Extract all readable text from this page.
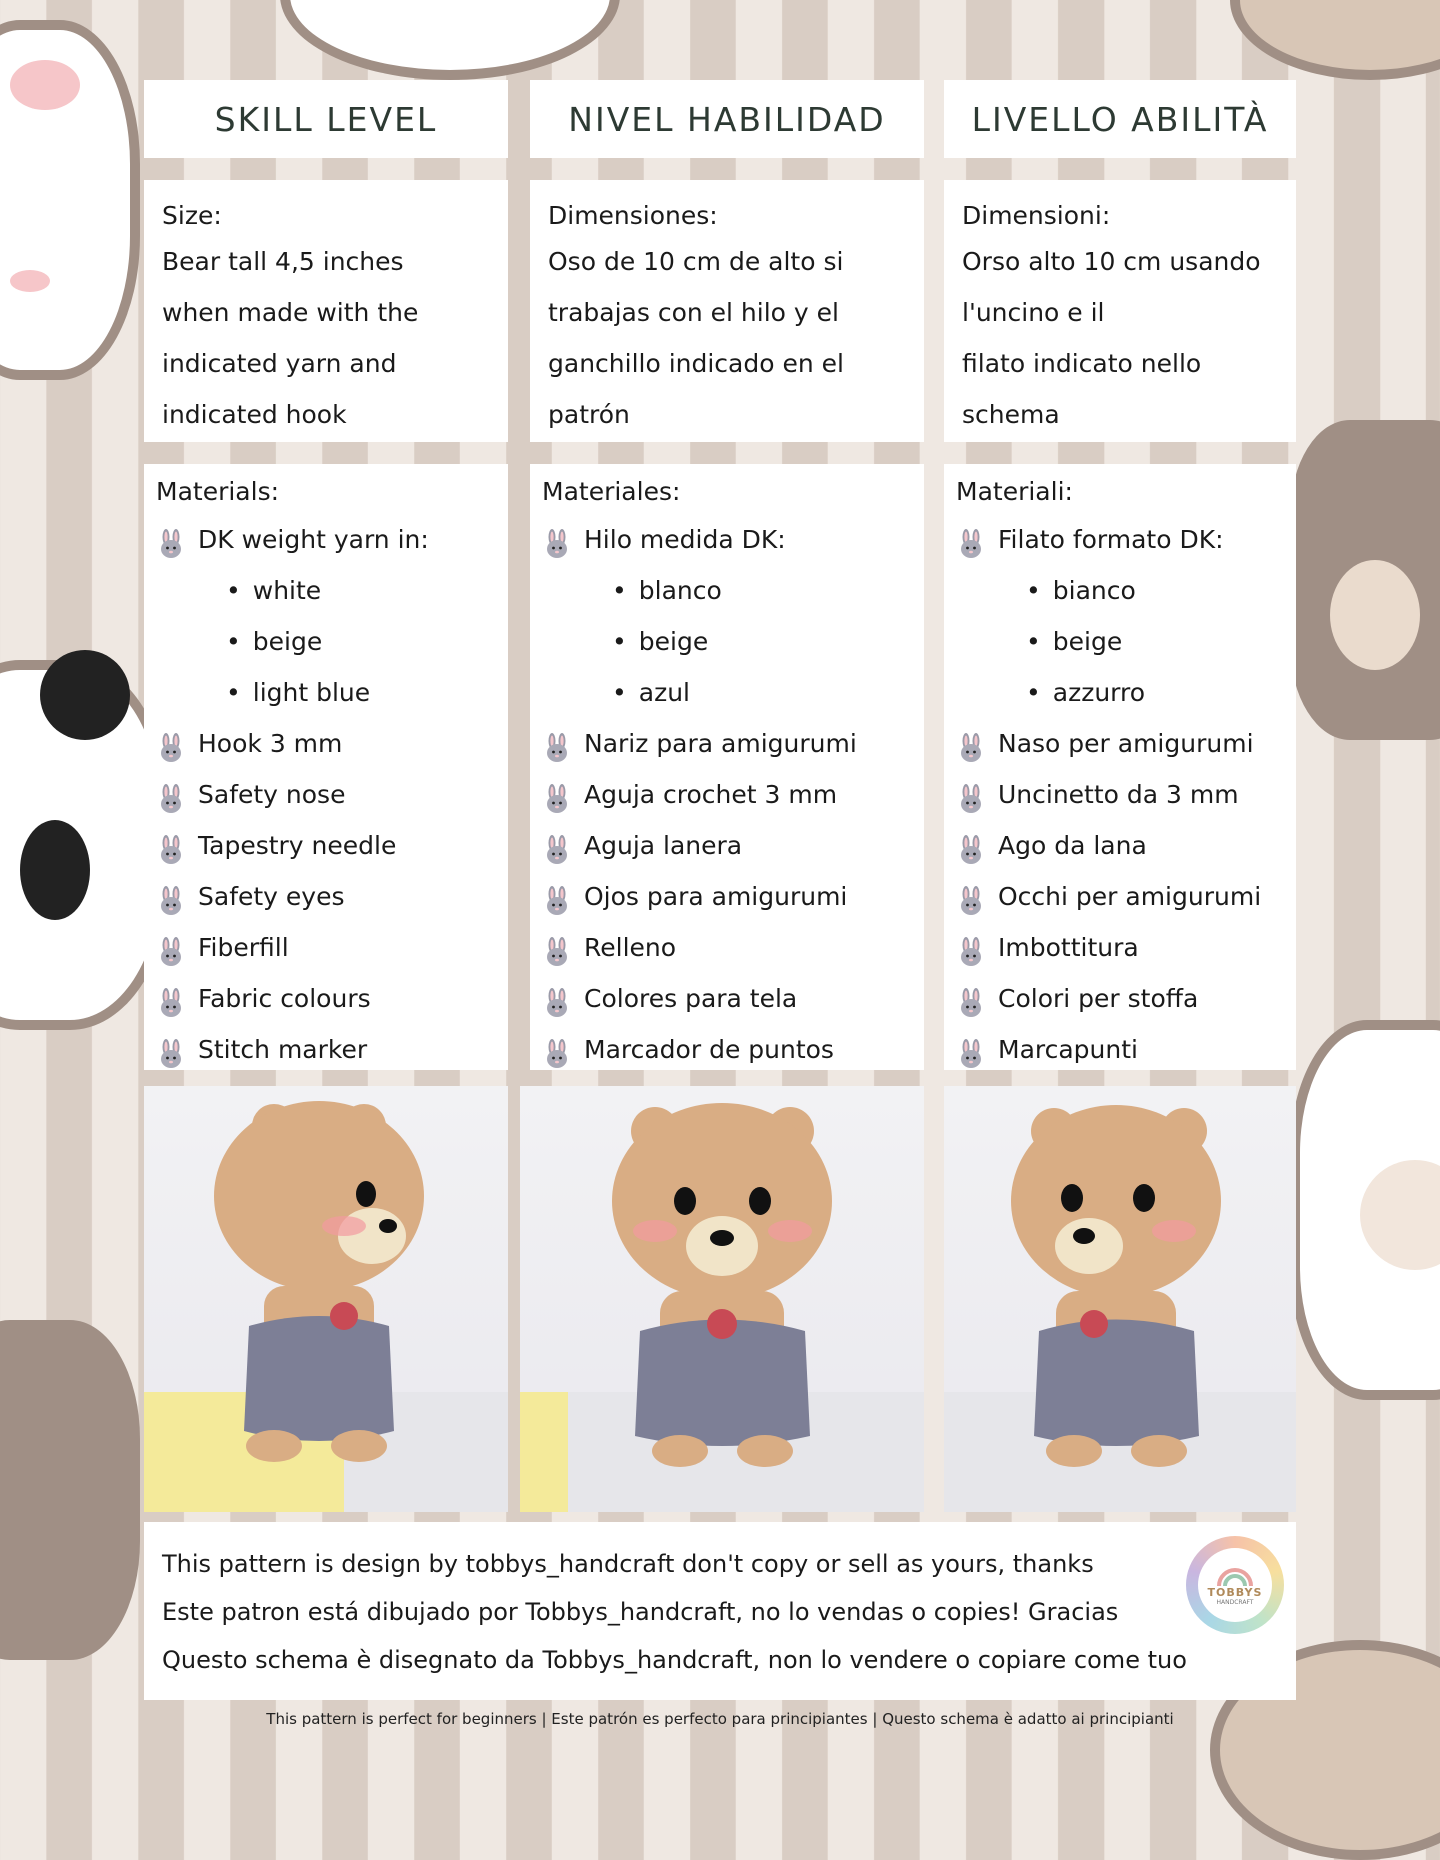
SKILL LEVEL	NIVEL HABILIDAD	LIVELLO ABILITÀ
Size:
Bear tall 4,5 inches
when made with the
indicated yarn and
indicated hook
Dimensiones:
Oso de 10 cm de alto si
trabajas con el hilo y el
ganchillo indicado en el
patrón
Dimensioni:
Orso alto 10 cm usando
l'uncino e il
filato indicato nello
schema
Materials:
DK weight yarn in:
• white
• beige
• light blue
Hook 3 mm
Safety nose
Tapestry needle
Safety eyes
Fiberfill
Fabric colours
Stitch marker
Materiales:
Hilo medida DK:
• blanco
• beige
• azul
Nariz para amigurumi
Aguja crochet 3 mm
Aguja lanera
Ojos para amigurumi
Relleno
Colores para tela
Marcador de puntos
Materiali:
Filato formato DK:
• bianco
• beige
• azzurro
Naso per amigurumi
Uncinetto da 3 mm
Ago da lana
Occhi per amigurumi
Imbottitura
Colori per stoffa
Marcapunti
This pattern is design by tobbys_handcraft don't copy or sell as yours, thanks
Este patron está dibujado por Tobbys_handcraft, no lo vendas o copies! Gracias
Questo schema è disegnato da Tobbys_handcraft, non lo vendere o copiare come tuo
TOBBYS
HANDCRAFT
This pattern is perfect for beginners | Este patrón es perfecto para principiantes | Questo schema è adatto ai principianti
